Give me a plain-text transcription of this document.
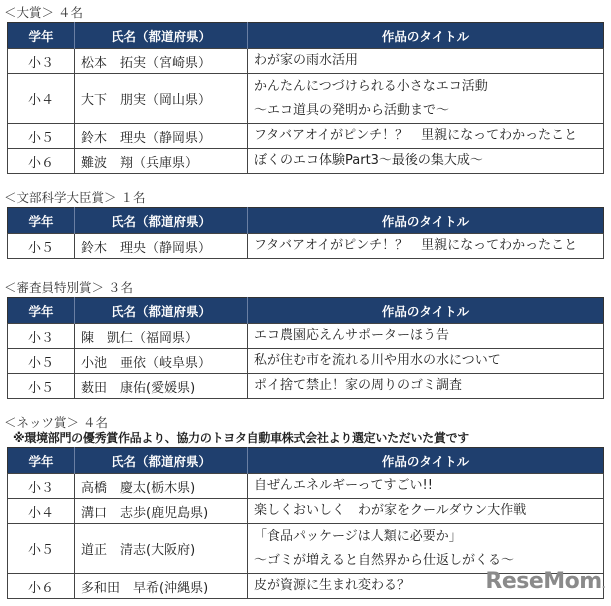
＜大賞＞ ４名
学年	氏名（都道府県）	作品のタイトル
小３	松本　拓実（宮崎県）	わが家の雨水活用

小４	大下　朋実（岡山県）	かんたんにつづけられる小さなエコ活動
～エコ道具の発明から活動まで～

小５	鈴木　理央（静岡県）	フタバアオイがピンチ！？　里親になってわかったこと

小６	難波　翔（兵庫県）	ぼくのエコ体験Part3～最後の集大成～
＜文部科学大臣賞＞ １名
学年	氏名（都道府県）	作品のタイトル
小５	鈴木　理央（静岡県）	フタバアオイがピンチ！？　里親になってわかったこと
＜審査員特別賞＞ ３名
学年	氏名（都道府県）	作品のタイトル
小３	陳　凱仁（福岡県）	エコ農園応えんサポーターほう告

小５	小池　亜依（岐阜県）	私が住む市を流れる川や用水の水について

小５	薮田　康佑(愛媛県)	ポイ捨て禁止！家の周りのゴミ調査
＜ネッツ賞＞ ４名
※環境部門の優秀賞作品より、協力のトヨタ自動車株式会社より選定いただいた賞です
学年	氏名（都道府県）	作品のタイトル
小３	高橋　慶太(栃木県)	自ぜんエネルギーってすごい!!

小４	溝口　志歩(鹿児島県)	楽しくおいしく　わが家をクールダウン大作戦

小５	道正　清志(大阪府)	「食品パッケージは人類に必要か」
～ゴミが増えると自然界から仕返しがくる～

小６	多和田　早希(沖縄県)	皮が資源に生まれ変わる？	ReseMom.
